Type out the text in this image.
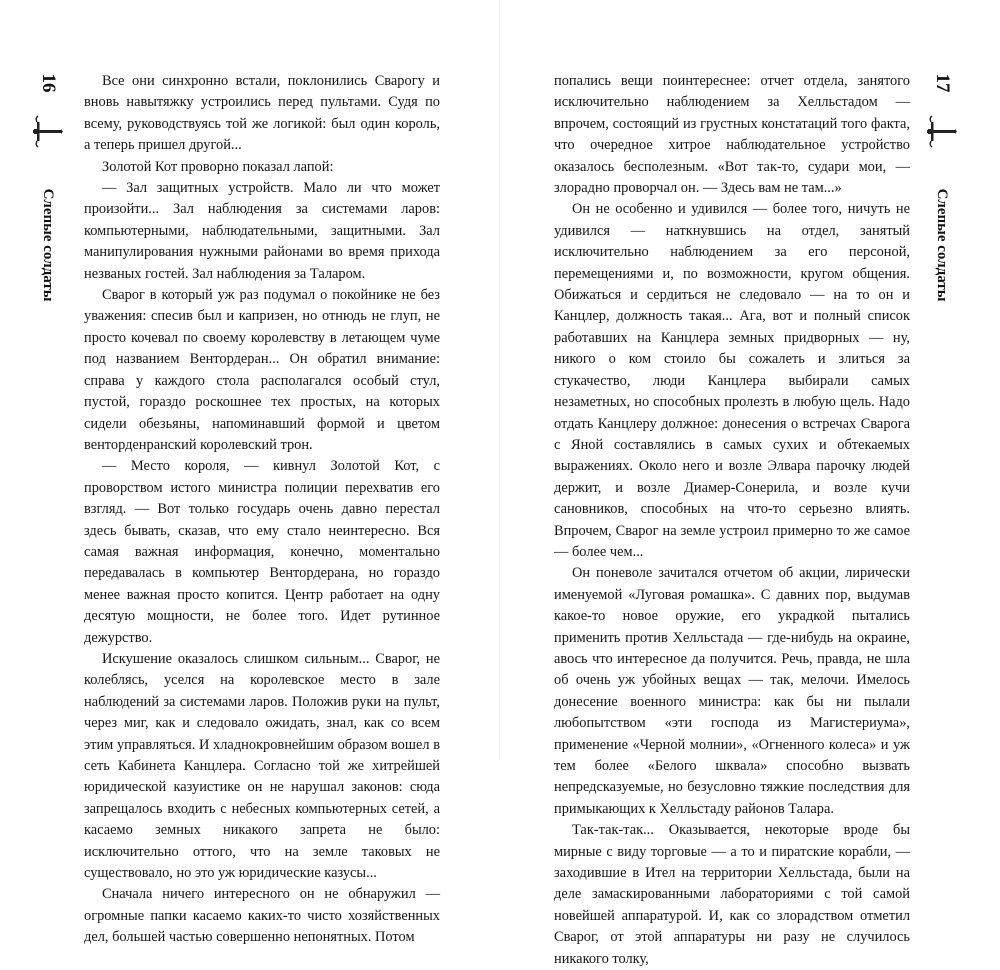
16
Слепые солдаты

Все они синхронно встали, поклонились Сварогу и вновь навытяжку устроились перед пультами. Судя по всему, руководствуясь той же логикой: был один король, а теперь пришел другой...

Золотой Кот проворно показал лапой:

— Зал защитных устройств. Мало ли что может произойти... Зал наблюдения за системами ларов: компьютерными, наблюдательными, защитными. Зал манипулирования нужными районами во время прихода незваных гостей. Зал наблюдения за Таларом.

Сварог в который уж раз подумал о покойнике не без уважения: спесив был и капризен, но отнюдь не глуп, не просто кочевал по своему королевству в летающем чуме под названием Вентордеран... Он обратил внимание: справа у каждого стола располагался особый стул, пустой, гораздо роскошнее тех простых, на которых сидели обезьяны, напоминавший формой и цветом венторденранский королевский трон.

— Место короля, — кивнул Золотой Кот, с проворством истого министра полиции перехватив его взгляд. — Вот только государь очень давно перестал здесь бывать, сказав, что ему стало неинтересно. Вся самая важная информация, конечно, моментально передавалась в компьютер Вентордерана, но гораздо менее важная просто копится. Центр работает на одну десятую мощности, не более того. Идет рутинное дежурство.

Искушение оказалось слишком сильным... Сварог, не колеблясь, уселся на королевское место в зале наблюдений за системами ларов. Положив руки на пульт, через миг, как и следовало ожидать, знал, как со всем этим управляться. И хладнокровнейшим образом вошел в сеть Кабинета Канцлера. Согласно той же хитрейшей юридической казуистике он не нарушал законов: сюда запрещалось входить с небесных компьютерных сетей, а касаемо земных никакого запрета не было: исключительно оттого, что на земле таковых не существовало, но это уж юридические казусы...

Сначала ничего интересного он не обнаружил — огромные папки касаемо каких-то чисто хозяйственных дел, большей частью совершенно непонятных. Потом

попались вещи поинтереснее: отчет отдела, занятого исключительно наблюдением за Хелльстадом — впрочем, состоящий из грустных констатаций того факта, что очередное хитрое наблюдательное устройство оказалось бесполезным. «Вот так-то, судари мои, — злорадно проворчал он. — Здесь вам не там...»

Он не особенно и удивился — более того, ничуть не удивился — наткнувшись на отдел, занятый исключительно наблюдением за его персоной, перемещениями и, по возможности, кругом общения. Обижаться и сердиться не следовало — на то он и Канцлер, должность такая... Ага, вот и полный список работавших на Канцлера земных придворных — ну, никого о ком стоило бы сожалеть и злиться за стукачество, люди Канцлера выбирали самых незаметных, но способных пролезть в любую щель. Надо отдать Канцлеру должное: донесения о встречах Сварога с Яной составлялись в самых сухих и обтекаемых выражениях. Около него и возле Элвара парочку людей держит, и возле Диамер-Сонерила, и возле кучи сановников, способных на что-то серьезно влиять. Впрочем, Сварог на земле устроил примерно то же самое — более чем...

Он поневоле зачитался отчетом об акции, лирически именуемой «Луговая ромашка». С давних пор, выдумав какое-то новое оружие, его украдкой пытались применить против Хелльстада — где-нибудь на окраине, авось что интересное да получится. Речь, правда, не шла об очень уж убойных вещах — так, мелочи. Имелось донесение военного министра: как бы ни пылали любопытством «эти господа из Магистериума», применение «Черной молнии», «Огненного колеса» и уж тем более «Белого шквала» способно вызвать непредсказуемые, но безусловно тяжкие последствия для примыкающих к Хелльстаду районов Талара.

Так-так-так... Оказывается, некоторые вроде бы мирные с виду торговые — а то и пиратские корабли, — заходившие в Ител на территории Хелльстада, были на деле замаскированными лабораториями с той самой новейшей аппаратурой. И, как со злорадством отметил Сварог, от этой аппаратуры ни разу не случилось никакого толку,

17
Слепые солдаты
